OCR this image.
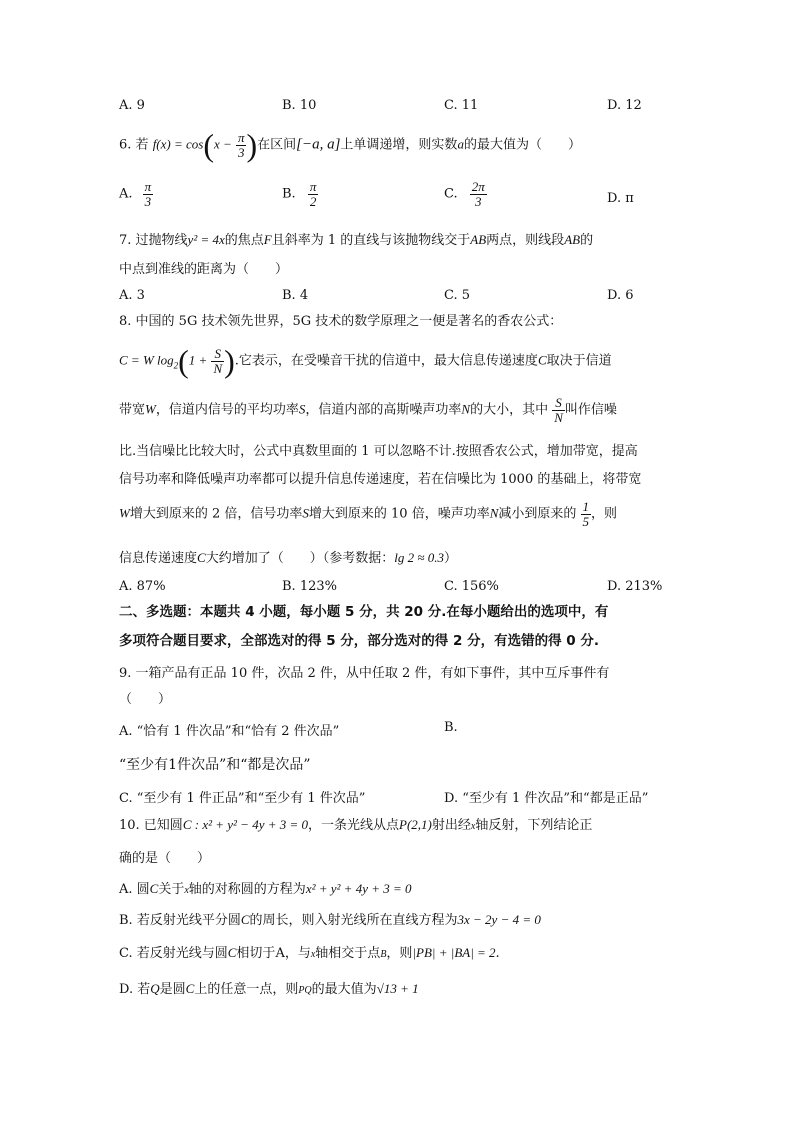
A. 9	B. 10	C. 11	D. 12
6. 若 $f(x) = \cos(x - \frac{\pi}{3}$ )在区间[−a, a]上单调递增，则实数a的最大值为（　　）
A. $\frac{\pi}{3}$	B. $\frac{\pi}{2}$	C. $\frac{2\pi}{3}$	D. π
7. 过抛物线y² = 4x的焦点F且斜率为 1 的直线与该抛物线交于AB两点，则线段AB的
中点到准线的距离为（　　）
A. 3	B. 4	C. 5	D. 6
8. 中国的 5G 技术领先世界，5G 技术的数学原理之一便是著名的香农公式：
C = W $\log_2(1 + \frac{S}{N}$ ).它表示，在受噪音干扰的信道中，最大信息传递速度C取决于信道
带宽W，信道内信号的平均功率S，信道内部的高斯噪声功率N的大小，其中 $\frac{S}{N}$ 叫作信噪
比.当信噪比比较大时，公式中真数里面的 1 可以忽略不计.按照香农公式，增加带宽，提高
信号功率和降低噪声功率都可以提升信息传递速度，若在信噪比为 1000 的基础上，将带宽
W增大到原来的 2 倍，信号功率S增大到原来的 10 倍，噪声功率N减小到原来的 $\frac{1}{5}$ ，则
信息传递速度C大约增加了（　　）（参考数据：lg 2 ≈ 0.3）
A. 87%	B. 123%	C. 156%	D. 213%
二、多选题：本题共 4 小题，每小题 5 分，共 20 分.在每小题给出的选项中，有
多项符合题目要求，全部选对的得 5 分，部分选对的得 2 分，有选错的得 0 分.
9. 一箱产品有正品 10 件，次品 2 件，从中任取 2 件，有如下事件，其中互斥事件有
（　　）
A. “恰有 1 件次品”和“恰有 2 件次品”	B.
“至少有1件次品”和“都是次品”
C. “至少有 1 件正品”和“至少有 1 件次品”	D. “至少有 1 件次品”和“都是正品”
10. 已知圆C : x² + y² − 4y + 3 = 0，一条光线从点P(2,1)射出经x轴反射，下列结论正
确的是（　　）
A. 圆C关于x轴的对称圆的方程为x² + y² + 4y + 3 = 0
B. 若反射光线平分圆C的周长，则入射光线所在直线方程为3x − 2y − 4 = 0
C. 若反射光线与圆C相切于A，与x轴相交于点B，则|PB| + |BA| = 2.
D. 若Q是圆C上的任意一点，则PQ的最大值为√13 + 1
